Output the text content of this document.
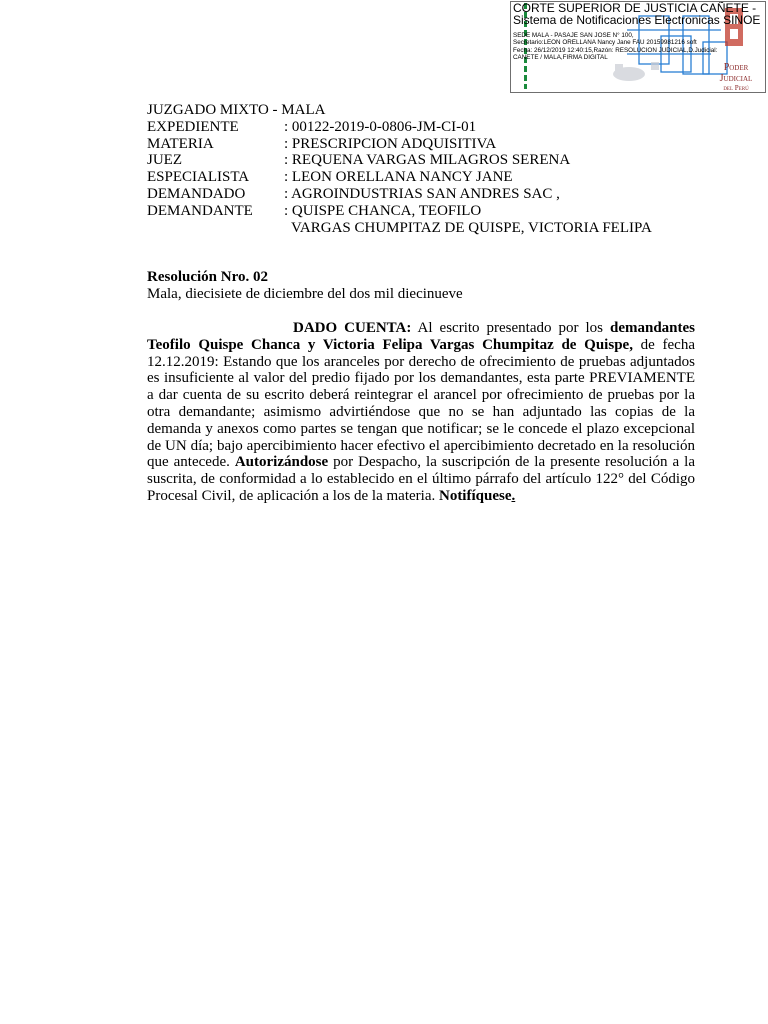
CORTE SUPERIOR DE JUSTICIA CAÑETE -
Sistema de Notificaciones Electronicas SINOE
SEDE MALA - PASAJE SAN JOSE N° 100,
Secretario:LEON ORELLANA Nancy Jane FAU 20159981216 soft
Fecha: 26/12/2019 12:40:15,Razón: RESOLUCIÓN JUDICIAL,D.Judicial:
CAÑETE / MALA,FIRMA DIGITAL
Poder Judicial
del Perú
JUZGADO MIXTO - MALA
EXPEDIENTE	: 00122-2019-0-0806-JM-CI-01
MATERIA	: PRESCRIPCION ADQUISITIVA
JUEZ	: REQUENA VARGAS MILAGROS SERENA
ESPECIALISTA	: LEON ORELLANA NANCY JANE
DEMANDADO	: AGROINDUSTRIAS SAN ANDRES SAC ,
DEMANDANTE	: QUISPE CHANCA, TEOFILO
VARGAS CHUMPITAZ DE QUISPE, VICTORIA FELIPA
Resolución Nro. 02
Mala, diecisiete de diciembre del dos mil diecinueve

DADO CUENTA: Al escrito presentado por los demandantes Teofilo Quispe Chanca y Victoria Felipa Vargas Chumpitaz de Quispe, de fecha 12.12.2019: Estando que los aranceles por derecho de ofrecimiento de pruebas adjuntados es insuficiente al valor del predio fijado por los demandantes, esta parte PREVIAMENTE a dar cuenta de su escrito deberá reintegrar el arancel por ofrecimiento de pruebas por la otra demandante; asimismo advirtiéndose que no se han adjuntado las copias de la demanda y anexos como partes se tengan que notificar; se le concede el plazo excepcional de UN día; bajo apercibimiento hacer efectivo el apercibimiento decretado en la resolución que antecede. Autorizándose por Despacho, la suscripción de la presente resolución a la suscrita, de conformidad a lo establecido en el último párrafo del artículo 122° del Código Procesal Civil, de aplicación a los de la materia. Notifíquese.
